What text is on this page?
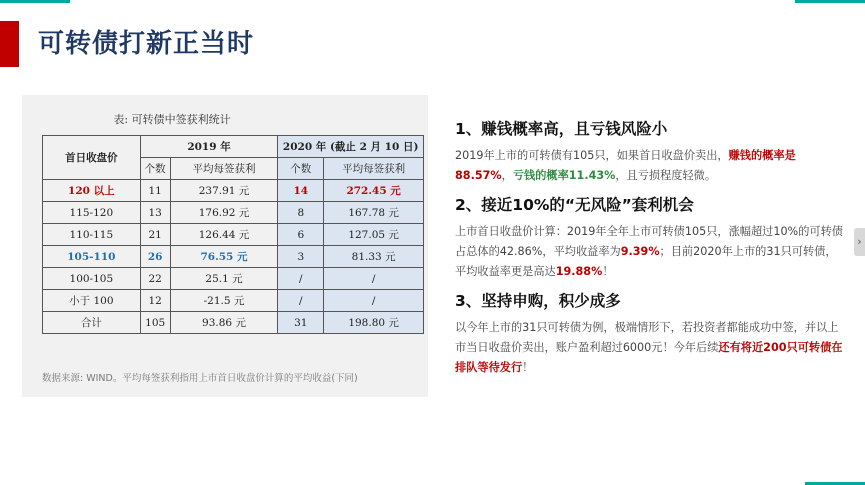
可转债打新正当时
›
表: 可转债中签获利统计
首日收盘价	2019 年		2020 年 (截止 2 月 10 日)	
	个数	平均每签获利	个数	平均每签获利
120 以上	11	237.91 元	14	272.45 元
115-120	13	176.92 元	8	167.78 元
110-115	21	126.44 元	6	127.05 元
105-110	26	76.55 元	3	81.33 元
100-105	22	25.1 元	/	/
小于 100	12	-21.5 元	/	/
合计	105	93.86 元	31	198.80 元
数据来源: WIND。平均每签获利指用上市首日收盘价计算的平均收益(下同)
1、赚钱概率高，且亏钱风险小
2019年上市的可转债有105只，如果首日收盘价卖出，赚钱的概率是88.57%，亏钱的概率11.43%，且亏损程度轻微。
2、接近10%的“无风险”套利机会
上市首日收盘价计算：2019年全年上市可转债105只，涨幅超过10%的可转债占总体的42.86%，平均收益率为9.39%；目前2020年上市的31只可转债，平均收益率更是高达19.88%！
3、坚持申购，积少成多
以今年上市的31只可转债为例，极端情形下，若投资者都能成功中签，并以上市当日收盘价卖出，账户盈利超过6000元！今年后续还有将近200只可转债在排队等待发行！
